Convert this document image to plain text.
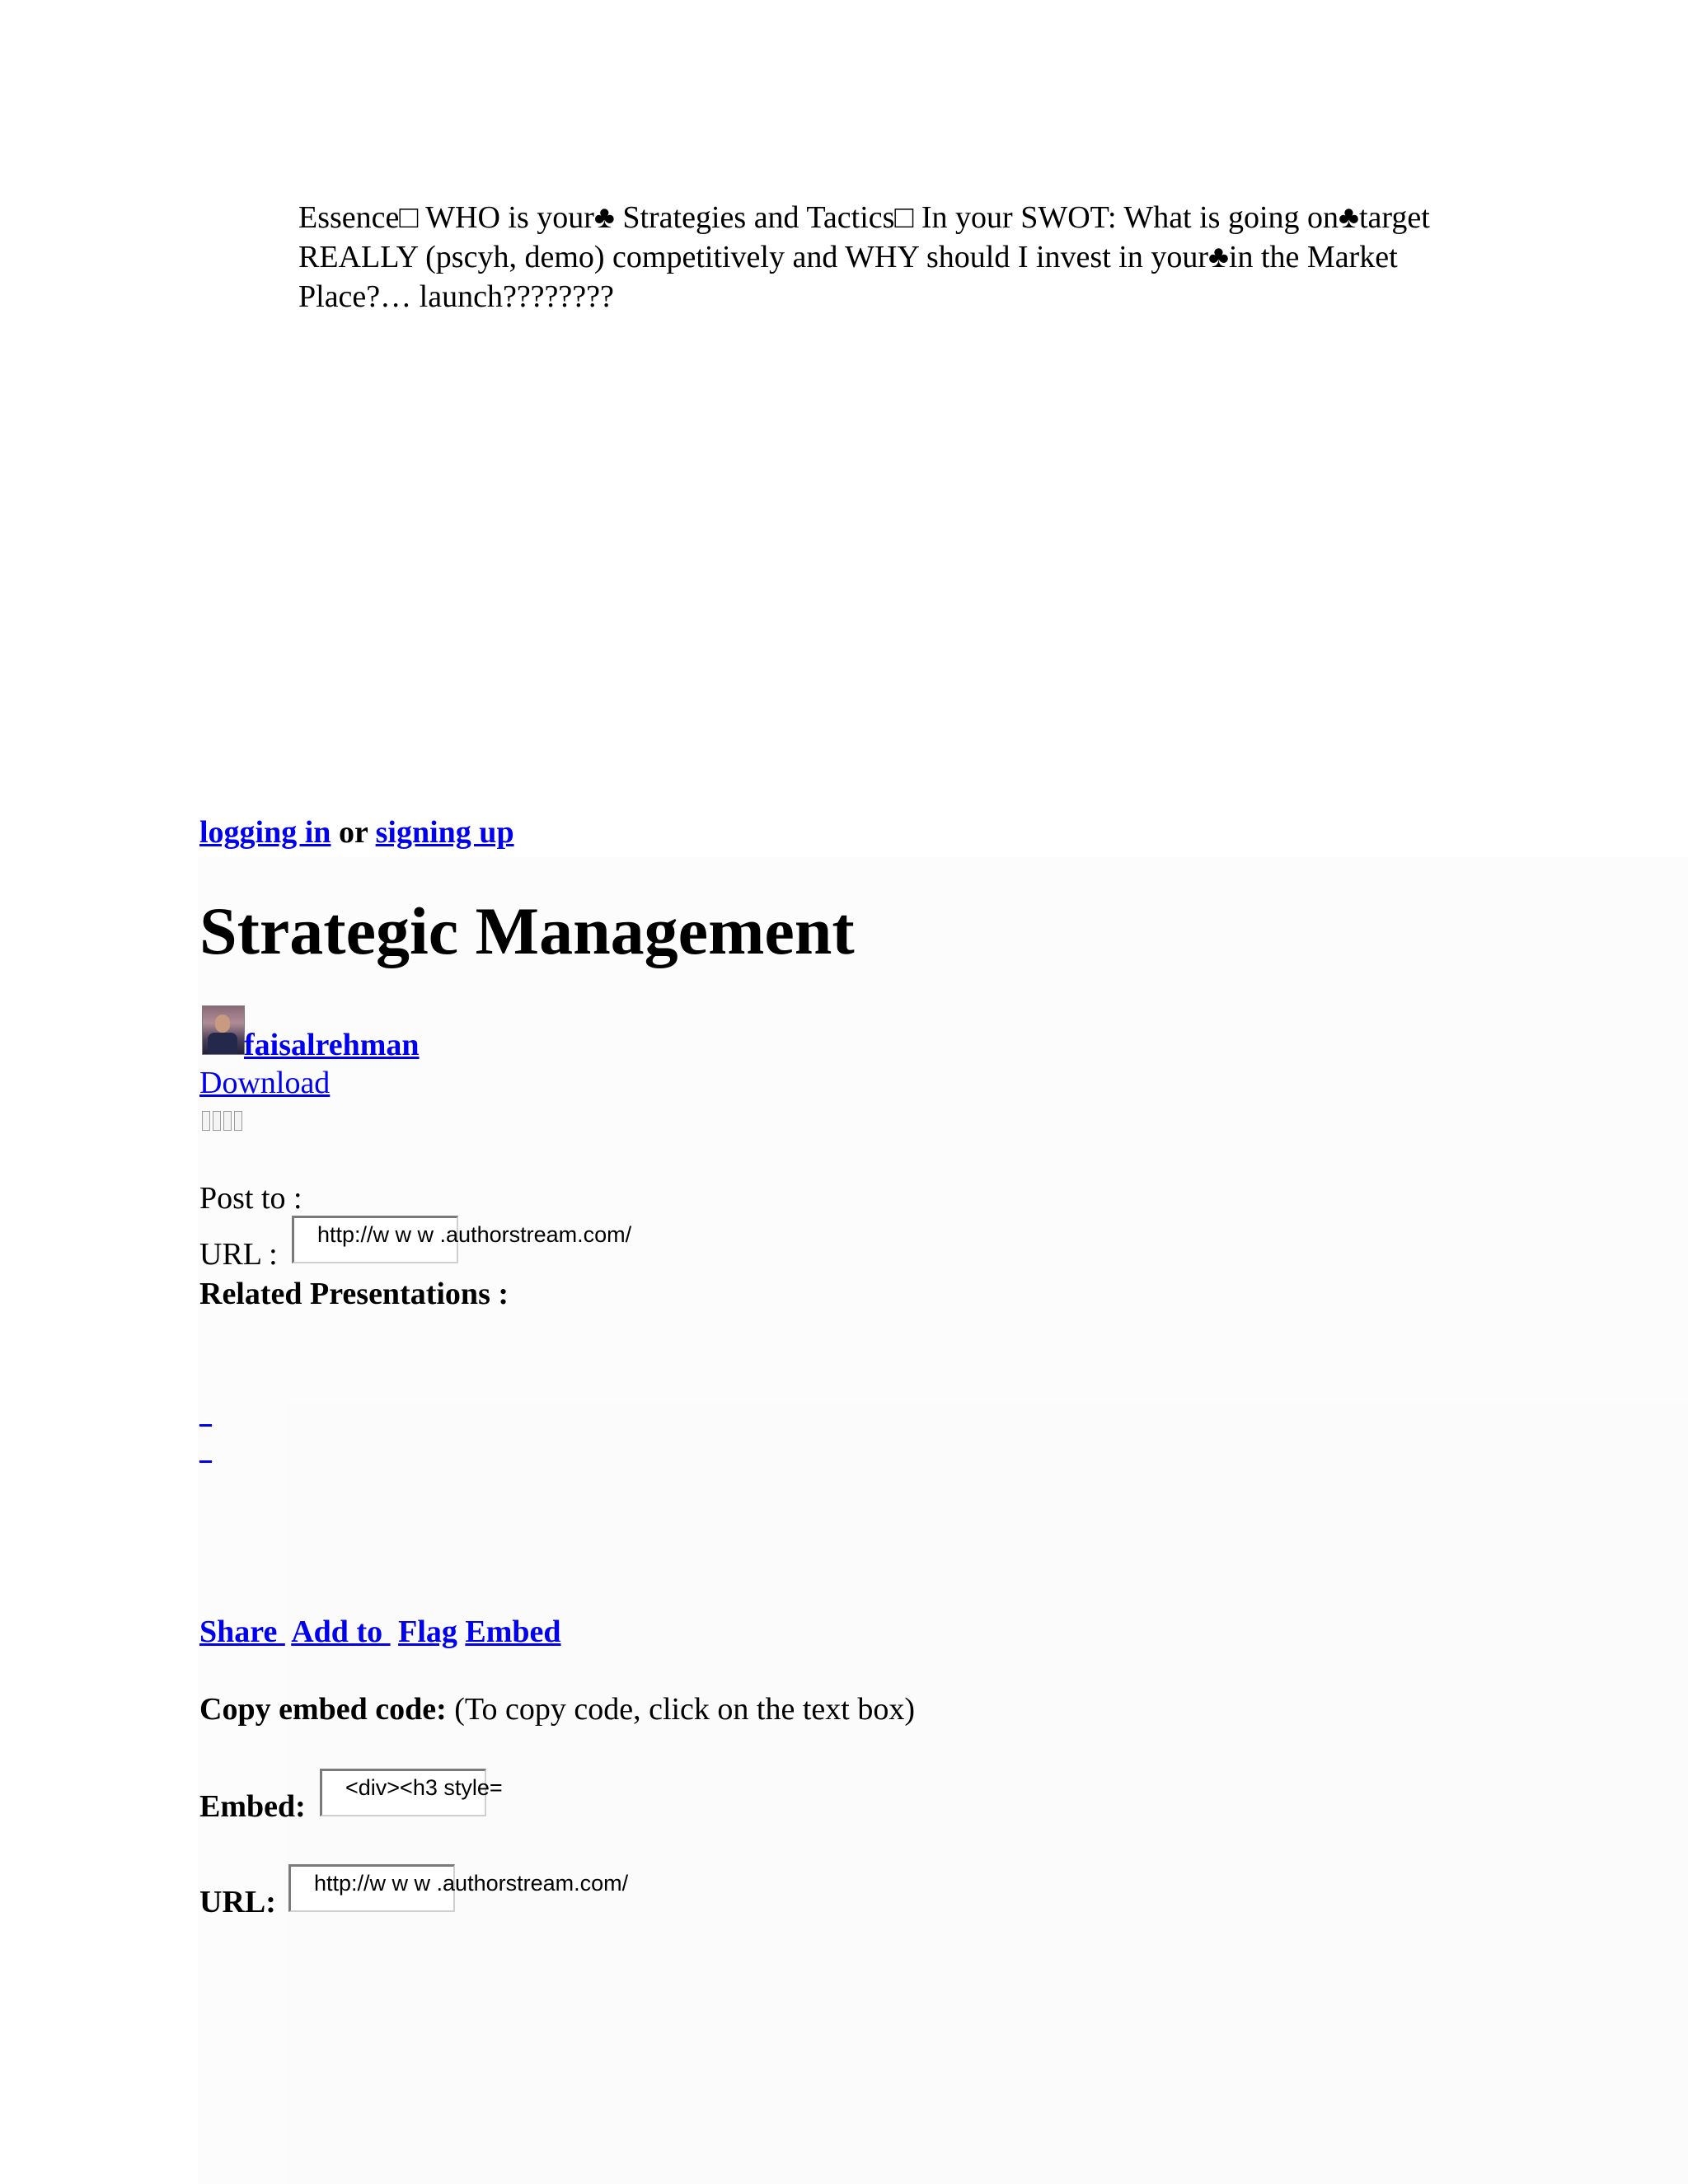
Essence□ WHO is your♣ Strategies and Tactics□ In your SWOT: What is going on♣target REALLY (pscyh, demo) competitively and WHY should I invest in your♣in the Market Place?… launch????????
logging in or signing up
Strategic Management
faisalrehman
Download
Post to :
URL :
http://w w w .authorstream.com/
Related Presentations :
_
_
Share  Add to  Flag Embed
Copy embed code: (To copy code, click on the text box)
Embed:
<div><h3 style=
URL:
http://w w w .authorstream.com/
